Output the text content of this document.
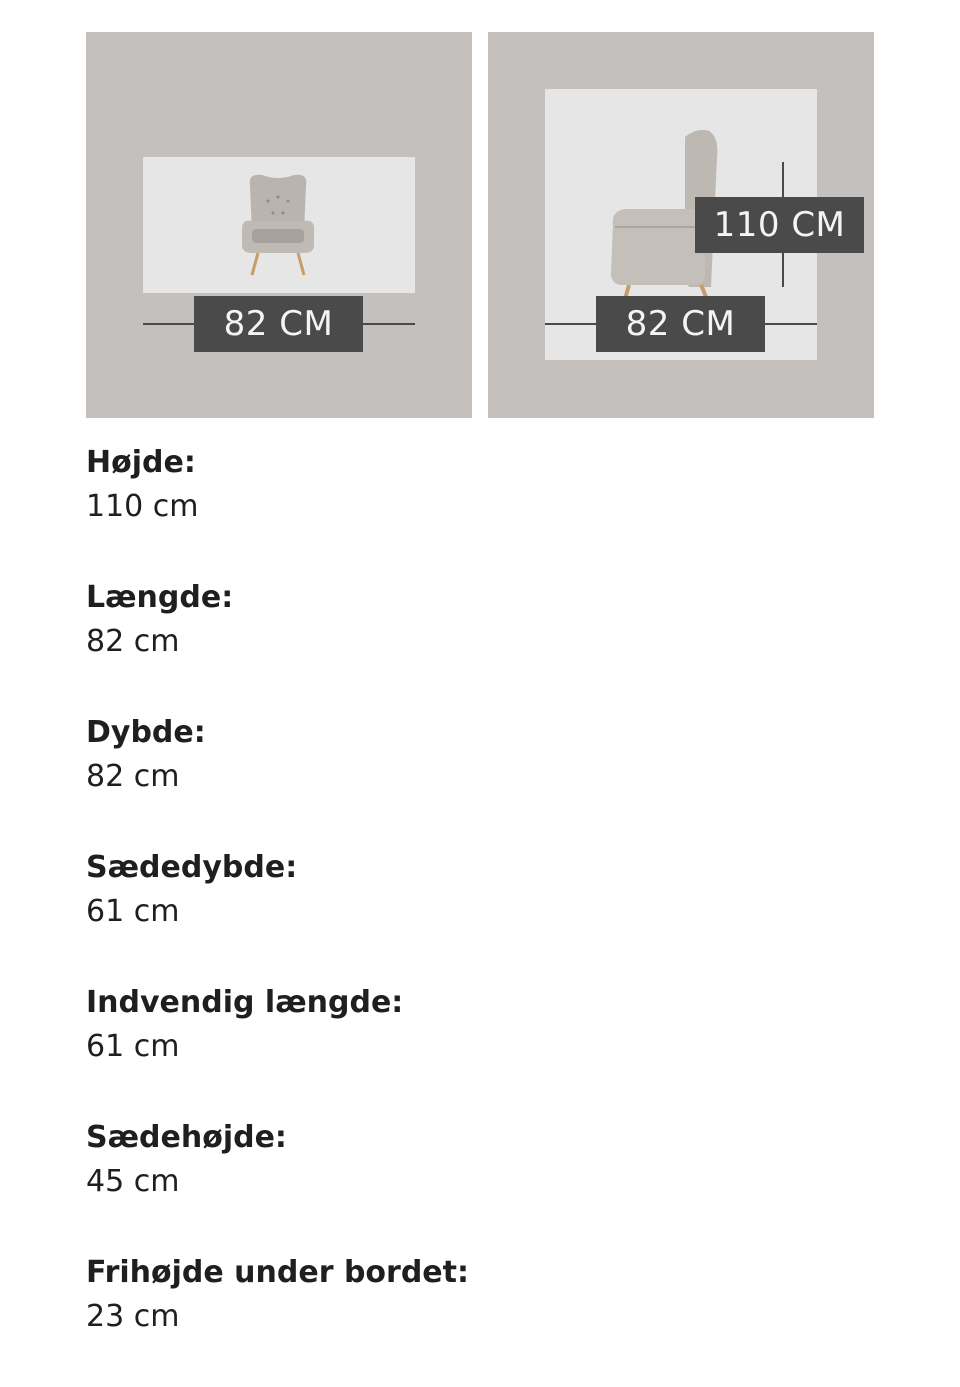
82 CM
110 CM
82 CM
Højde:
110 cm
Længde:
82 cm
Dybde:
82 cm
Sædedybde:
61 cm
Indvendig længde:
61 cm
Sædehøjde:
45 cm
Frihøjde under bordet:
23 cm
